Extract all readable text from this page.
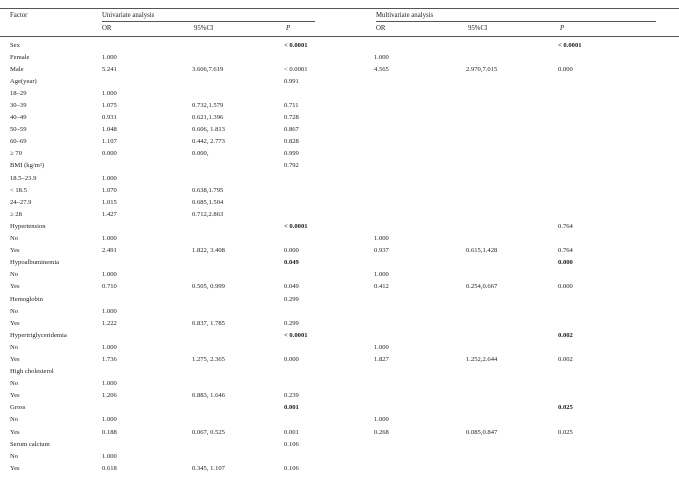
Factor	Univariate analysis	Multivariate analysis
OR	95%CI	P	OR	95%CI	P
Sex			< 0.0001			< 0.0001
Female	1.000			1.000		
Male	5.241	3.606,7.619	< 0.0001	4.565	2.970,7.015	0.000
Age(year)			0.991			
18–29	1.000					
30–39	1.075	0.732,1.579	0.711			
40–49	0.931	0.621,1.396	0.728			
50–59	1.048	0.606, 1.813	0.867			
60–69	1.107	0.442, 2.773	0.828			
≥ 70	0.000	0.000,	0.999			
BMI (kg/m²)			0.792			
18.5–23.9	1.000					
< 18.5	1.070	0.638,1.795				
24–27.9	1.015	0.685,1.504				
≥ 28	1.427	0.712,2.863				
Hypertension			< 0.0001			0.764
No	1.000			1.000		
Yes	2.491	1.822, 3.408	0.000	0.937	0.615,1.428	0.764
Hypoalbuminemia			0.049			0.000
No	1.000			1.000		
Yes	0.710	0.505, 0.999	0.049	0.412	0.254,0.667	0.000
Hemoglobin			0.299			
No	1.000					
Yes	1.222	0.837, 1.785	0.299			
Hypertriglyceridemia			< 0.0001			0.002
No	1.000			1.000		
Yes	1.736	1.275, 2.365	0.000	1.827	1.252,2.644	0.002
High cholesterol						
No	1.000					
Yes	1.206	0.883, 1.646	0.239			
Gross			0.001			0.025
No	1.000			1.000		
Yes	0.188	0.067, 0.525	0.001	0.268	0.085,0.847	0.025
Serum calcium			0.106			
No	1.000					
Yes	0.618	0.345, 1.107	0.106			
